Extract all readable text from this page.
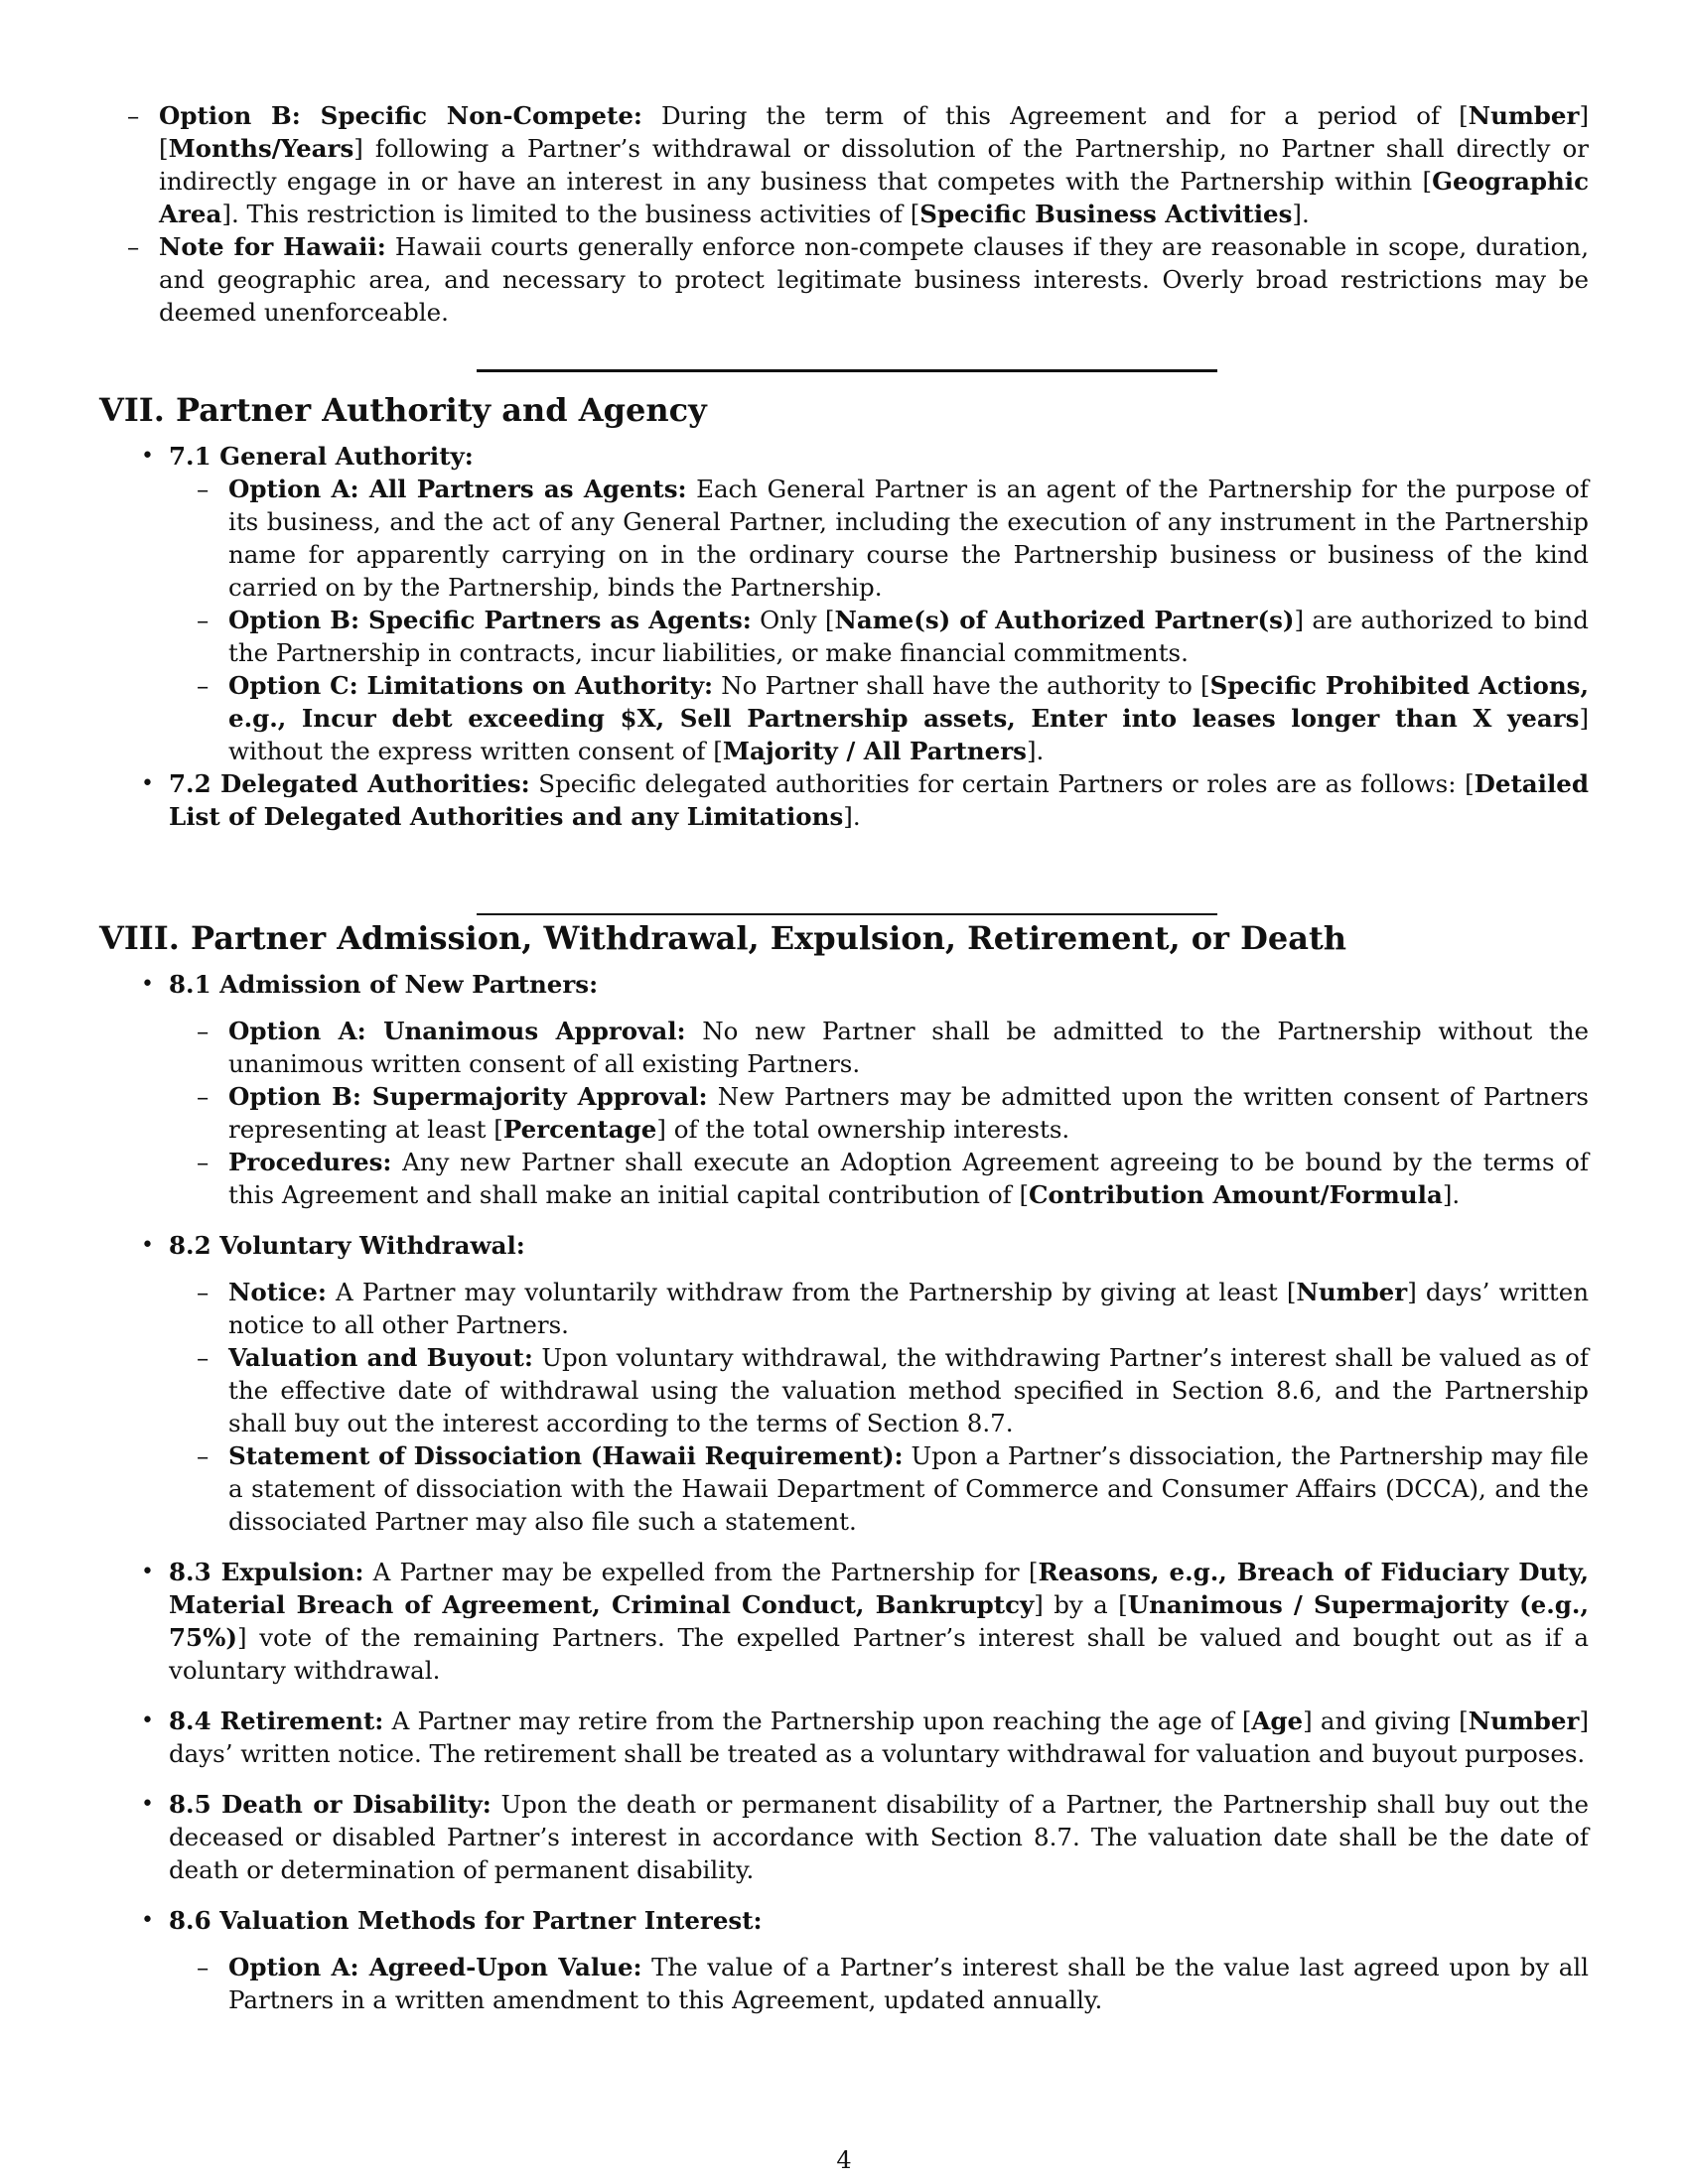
– Option B: Specific Non-Compete: During the term of this Agreement and for a period of [Number] [Months/Years] following a Partner’s withdrawal or dissolution of the Partnership, no Partner shall directly or indirectly engage in or have an interest in any business that competes with the Partnership within [Geographic Area]. This restriction is limited to the business activities of [Specific Business Activities].
– Note for Hawaii: Hawaii courts generally enforce non-compete clauses if they are reasonable in scope, duration, and geographic area, and necessary to protect legitimate business interests. Overly broad restrictions may be deemed unenforceable.
VII. Partner Authority and Agency
• 7.1 General Authority:
– Option A: All Partners as Agents: Each General Partner is an agent of the Partnership for the purpose of its business, and the act of any General Partner, including the execution of any instrument in the Partnership name for apparently carrying on in the ordinary course the Partnership business or business of the kind carried on by the Partnership, binds the Partnership.
– Option B: Specific Partners as Agents: Only [Name(s) of Authorized Partner(s)] are authorized to bind the Partnership in contracts, incur liabilities, or make financial commitments.
– Option C: Limitations on Authority: No Partner shall have the authority to [Specific Prohibited Actions, e.g., Incur debt exceeding $X, Sell Partnership assets, Enter into leases longer than X years] without the express written consent of [Majority / All Partners].
• 7.2 Delegated Authorities: Specific delegated authorities for certain Partners or roles are as follows: [Detailed List of Delegated Authorities and any Limitations].
VIII. Partner Admission, Withdrawal, Expulsion, Retirement, or Death
• 8.1 Admission of New Partners:
– Option A: Unanimous Approval: No new Partner shall be admitted to the Partnership without the unanimous written consent of all existing Partners.
– Option B: Supermajority Approval: New Partners may be admitted upon the written consent of Partners representing at least [Percentage] of the total ownership interests.
– Procedures: Any new Partner shall execute an Adoption Agreement agreeing to be bound by the terms of this Agreement and shall make an initial capital contribution of [Contribution Amount/Formula].
• 8.2 Voluntary Withdrawal:
– Notice: A Partner may voluntarily withdraw from the Partnership by giving at least [Number] days’ written notice to all other Partners.
– Valuation and Buyout: Upon voluntary withdrawal, the withdrawing Partner’s interest shall be valued as of the effective date of withdrawal using the valuation method specified in Section 8.6, and the Partnership shall buy out the interest according to the terms of Section 8.7.
– Statement of Dissociation (Hawaii Requirement): Upon a Partner’s dissociation, the Partnership may file a statement of dissociation with the Hawaii Department of Commerce and Consumer Affairs (DCCA), and the dissociated Partner may also file such a statement.
• 8.3 Expulsion: A Partner may be expelled from the Partnership for [Reasons, e.g., Breach of Fiduciary Duty, Material Breach of Agreement, Criminal Conduct, Bankruptcy] by a [Unanimous / Supermajority (e.g., 75%)] vote of the remaining Partners. The expelled Partner’s interest shall be valued and bought out as if a voluntary withdrawal.
• 8.4 Retirement: A Partner may retire from the Partnership upon reaching the age of [Age] and giving [Number] days’ written notice. The retirement shall be treated as a voluntary withdrawal for valuation and buyout purposes.
• 8.5 Death or Disability: Upon the death or permanent disability of a Partner, the Partnership shall buy out the deceased or disabled Partner’s interest in accordance with Section 8.7. The valuation date shall be the date of death or determination of permanent disability.
• 8.6 Valuation Methods for Partner Interest:
– Option A: Agreed-Upon Value: The value of a Partner’s interest shall be the value last agreed upon by all Partners in a written amendment to this Agreement, updated annually.
4
